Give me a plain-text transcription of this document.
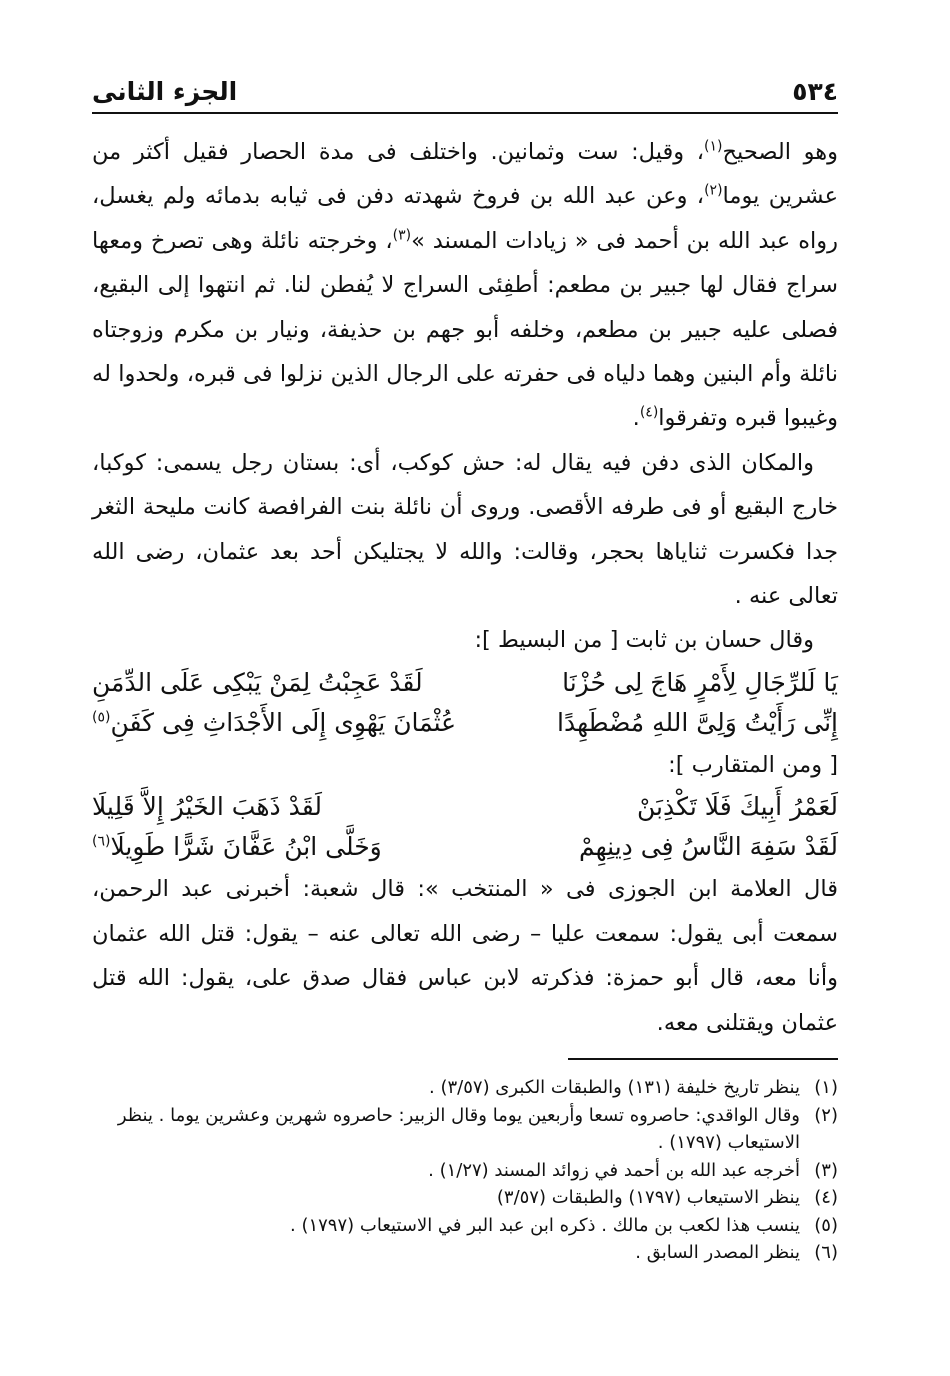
٥٣٤
الجزء الثانى

وهو الصحيح$^{(١)}$، وقيل: ست وثمانين. واختلف فى مدة الحصار فقيل أكثر من عشرين يوما$^{(٢)}$، وعن عبد الله بن فروخ شهدته دفن فى ثيابه بدمائه ولم يغسل، رواه عبد الله بن أحمد فى « زيادات المسند »$^{(٣)}$، وخرجته نائلة وهى تصرخ ومعها سراج فقال لها جبير بن مطعم: أطفِئى السراج لا يُفطن لنا. ثم انتهوا إلى البقيع، فصلى عليه جبير بن مطعم، وخلفه أبو جهم بن حذيفة، ونيار بن مكرم وزوجتاه نائلة وأم البنين وهما دلياه فى حفرته على الرجال الذين نزلوا فى قبره، ولحدوا له وغيبوا قبره وتفرقوا$^{(٤)}$.

والمكان الذى دفن فيه يقال له: حش كوكب، أى: بستان رجل يسمى: كوكبا، خارج البقيع أو فى طرفه الأقصى. وروى أن نائلة بنت الفرافصة كانت مليحة الثغر جدا فكسرت ثناياها بحجر، وقالت: والله لا يجتليكن أحد بعد عثمان، رضى الله تعالى عنه .

وقال حسان بن ثابت [ من البسيط ]:

يَا لَلرِّجَالِ لِأَمْرٍ هَاجَ لِى حُزْنَا
لَقَدْ عَجِبْتُ لِمَنْ يَبْكِى عَلَى الدِّمَنِ
إِنِّى رَأَيْتُ وَلِىَّ اللهِ مُضْطَهِدًا
عُثْمَانَ يَهْوِى إِلَى الأَجْدَاثِ فِى كَفَنِ$^{(٥)}$

[ ومن المتقارب ]:

لَعَمْرُ أَبِيكَ فَلَا تَكْذِبَنْ
لَقَدْ ذَهَبَ الخَيْرُ إِلاَّ قَلِيلَا
لَقَدْ سَفِهَ النَّاسُ فِى دِينِهِمْ
وَخَلَّى ابْنُ عَفَّانَ شَرًّا طَوِيلَا$^{(٦)}$

قال العلامة ابن الجوزى فى « المنتخب »: قال شعبة: أخبرنى عبد الرحمن، سمعت أبى يقول: سمعت عليا – رضى الله تعالى عنه – يقول: قتل الله عثمان وأنا معه، قال أبو حمزة: فذكرته لابن عباس فقال صدق على، يقول: الله قتل عثمان ويقتلنى معه.

(١)
ينظر تاريخ خليفة (١٣١) والطبقات الكبرى (٣/٥٧) .
(٢)
وقال الواقدي: حاصروه تسعا وأربعين يوما وقال الزبير: حاصروه شهرين وعشرين يوما . ينظر الاستيعاب (١٧٩٧) .
(٣)
أخرجه عبد الله بن أحمد في زوائد المسند (١/٢٧) .
(٤)
ينظر الاستيعاب (١٧٩٧) والطبقات (٣/٥٧)
(٥)
ينسب هذا لكعب بن مالك . ذكره ابن عبد البر في الاستيعاب (١٧٩٧) .
(٦)
ينظر المصدر السابق .
